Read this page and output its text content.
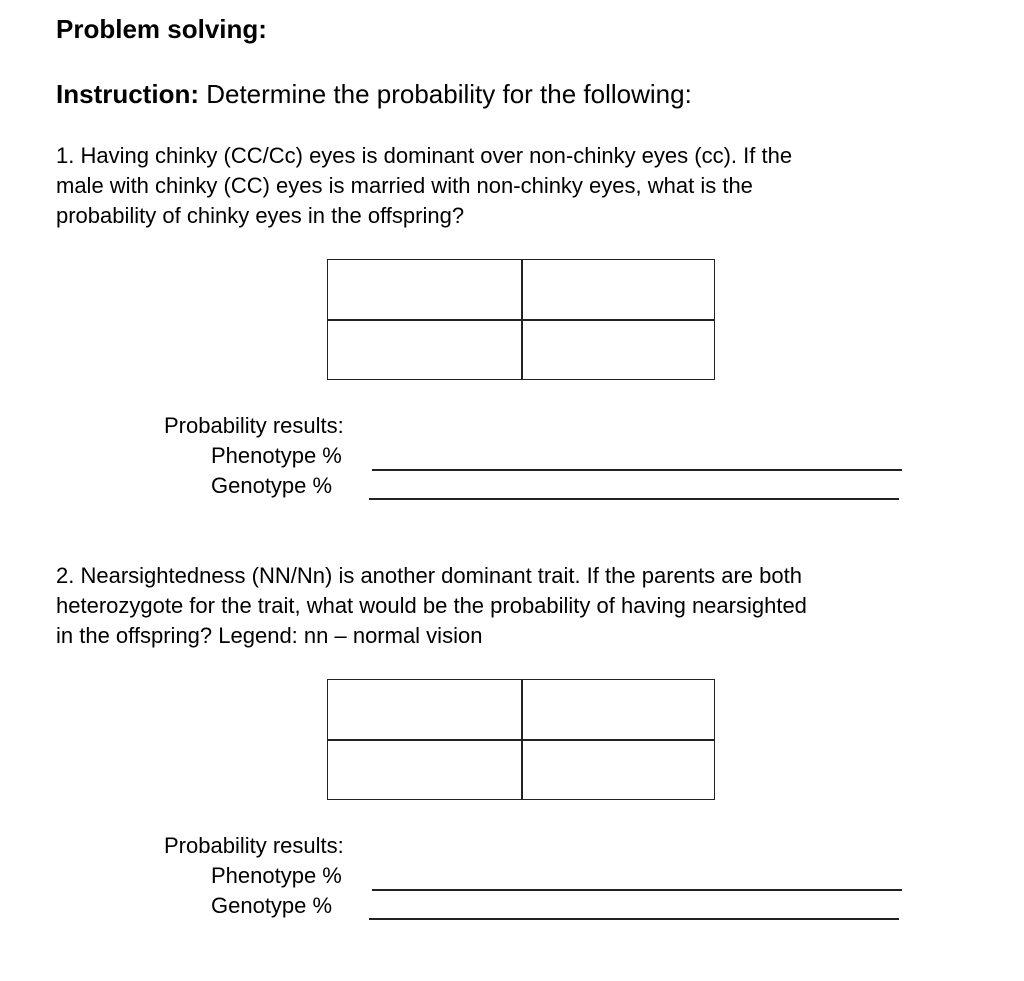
Problem solving:
Instruction: Determine the probability for the following:
1. Having chinky (CC/Cc) eyes is dominant over non-chinky eyes (cc). If the
male with chinky (CC) eyes is married with non-chinky eyes, what is the
probability of chinky eyes in the offspring?
Probability results:
Phenotype %
Genotype %
2. Nearsightedness (NN/Nn) is another dominant trait. If the parents are both
heterozygote for the trait, what would be the probability of having nearsighted
in the offspring? Legend: nn – normal vision
Probability results:
Phenotype %
Genotype %
